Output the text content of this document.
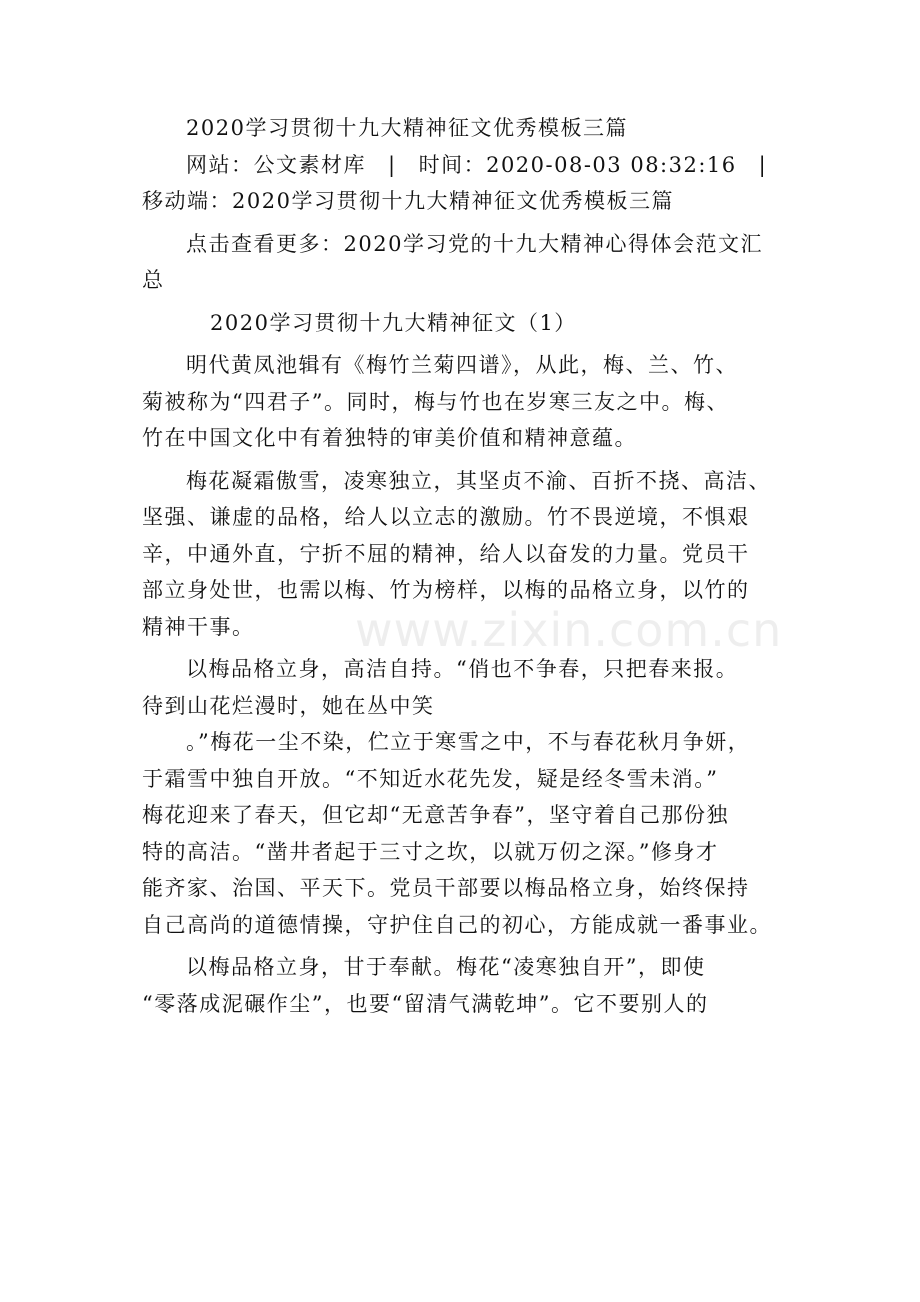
www.zixin.com.cn
2020学习贯彻十九大精神征文优秀模板三篇
网站：公文素材库 | 时间：2020-08-03 08:32:16 |
移动端：2020学习贯彻十九大精神征文优秀模板三篇
点击查看更多：2020学习党的十九大精神心得体会范文汇
总
2020学习贯彻十九大精神征文（1）
明代黄凤池辑有《梅竹兰菊四谱》，从此，梅、兰、竹、
菊被称为“四君子”。同时，梅与竹也在岁寒三友之中。梅、
竹在中国文化中有着独特的审美价值和精神意蕴。
梅花凝霜傲雪，凌寒独立，其坚贞不渝、百折不挠、高洁、
坚强、谦虚的品格，给人以立志的激励。竹不畏逆境，不惧艰
辛，中通外直，宁折不屈的精神，给人以奋发的力量。党员干
部立身处世，也需以梅、竹为榜样，以梅的品格立身，以竹的
精神干事。
以梅品格立身，高洁自持。“俏也不争春，只把春来报。
待到山花烂漫时，她在丛中笑
。”梅花一尘不染，伫立于寒雪之中，不与春花秋月争妍，
于霜雪中独自开放。“不知近水花先发，疑是经冬雪未消。”
梅花迎来了春天，但它却“无意苦争春”，坚守着自己那份独
特的高洁。“凿井者起于三寸之坎，以就万仞之深。”修身才
能齐家、治国、平天下。党员干部要以梅品格立身，始终保持
自己高尚的道德情操，守护住自己的初心，方能成就一番事业。
以梅品格立身，甘于奉献。梅花“凌寒独自开”，即使
“零落成泥碾作尘”，也要“留清气满乾坤”。它不要别人的
